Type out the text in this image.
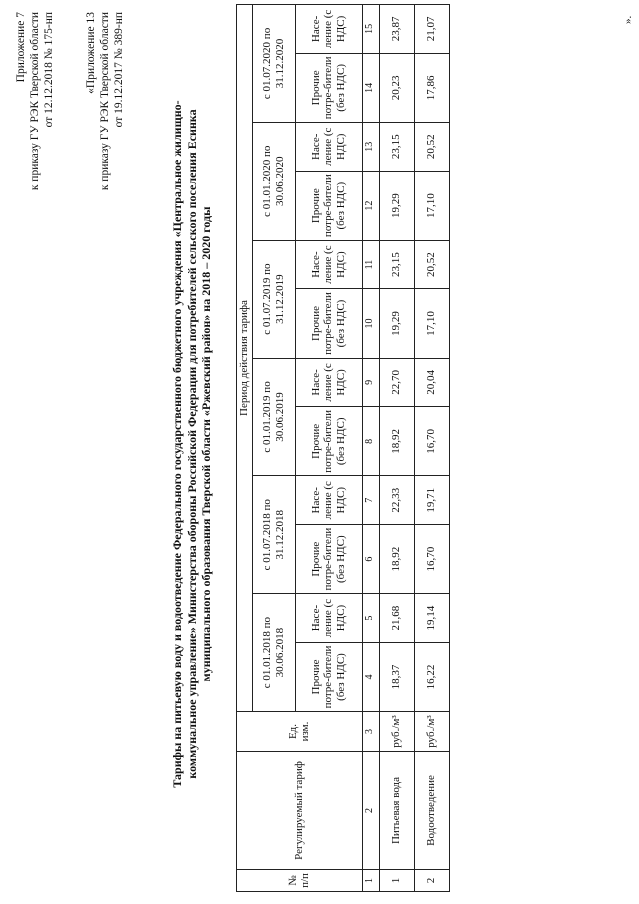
Приложение 7 к приказу ГУ РЭК Тверской области от 12.12.2018 № 175-нп	«Приложение 13 к приказу ГУ РЭК Тверской области от 19.12.2017 № 389-нп
Тарифы на питьевую воду и водоотведение Федерального государственного бюджетного учреждения «Центральное жилищно- коммунальное управление» Министерства обороны Российской Федерации для потребителей сельского поселения Есинка муниципального образования Тверской области «Ржевский район» на 2018 – 2020 годы
№ п/п	Регулируемый тариф	Ед. изм.	Период действия тарифа											
			с 01.01.2018 по 30.06.2018		с 01.07.2018 по 31.12.2018		с 01.01.2019 по 30.06.2019		с 01.07.2019 по 31.12.2019		с 01.01.2020 по 30.06.2020		с 01.07.2020 по 31.12.2020	
			Прочие потре-бители (без НДС)	Насе-ление (с НДС)	Прочие потре-бители (без НДС)	Насе-ление (с НДС)	Прочие потре-бители (без НДС)	Насе-ление (с НДС)	Прочие потре-бители (без НДС)	Насе-ление (с НДС)	Прочие потре-бители (без НДС)	Насе-ление (с НДС)	Прочие потре-бители (без НДС)	Насе-ление (с НДС)
1	2	3	4	5	6	7	8	9	10	11	12	13	14	15
1	Питьевая вода	руб./м³	18,37	21,68	18,92	22,33	18,92	22,70	19,29	23,15	19,29	23,15	20,23	23,87
2	Водоотведение	руб./м³	16,22	19,14	16,70	19,71	16,70	20,04	17,10	20,52	17,10	20,52	17,86	21,07	».
